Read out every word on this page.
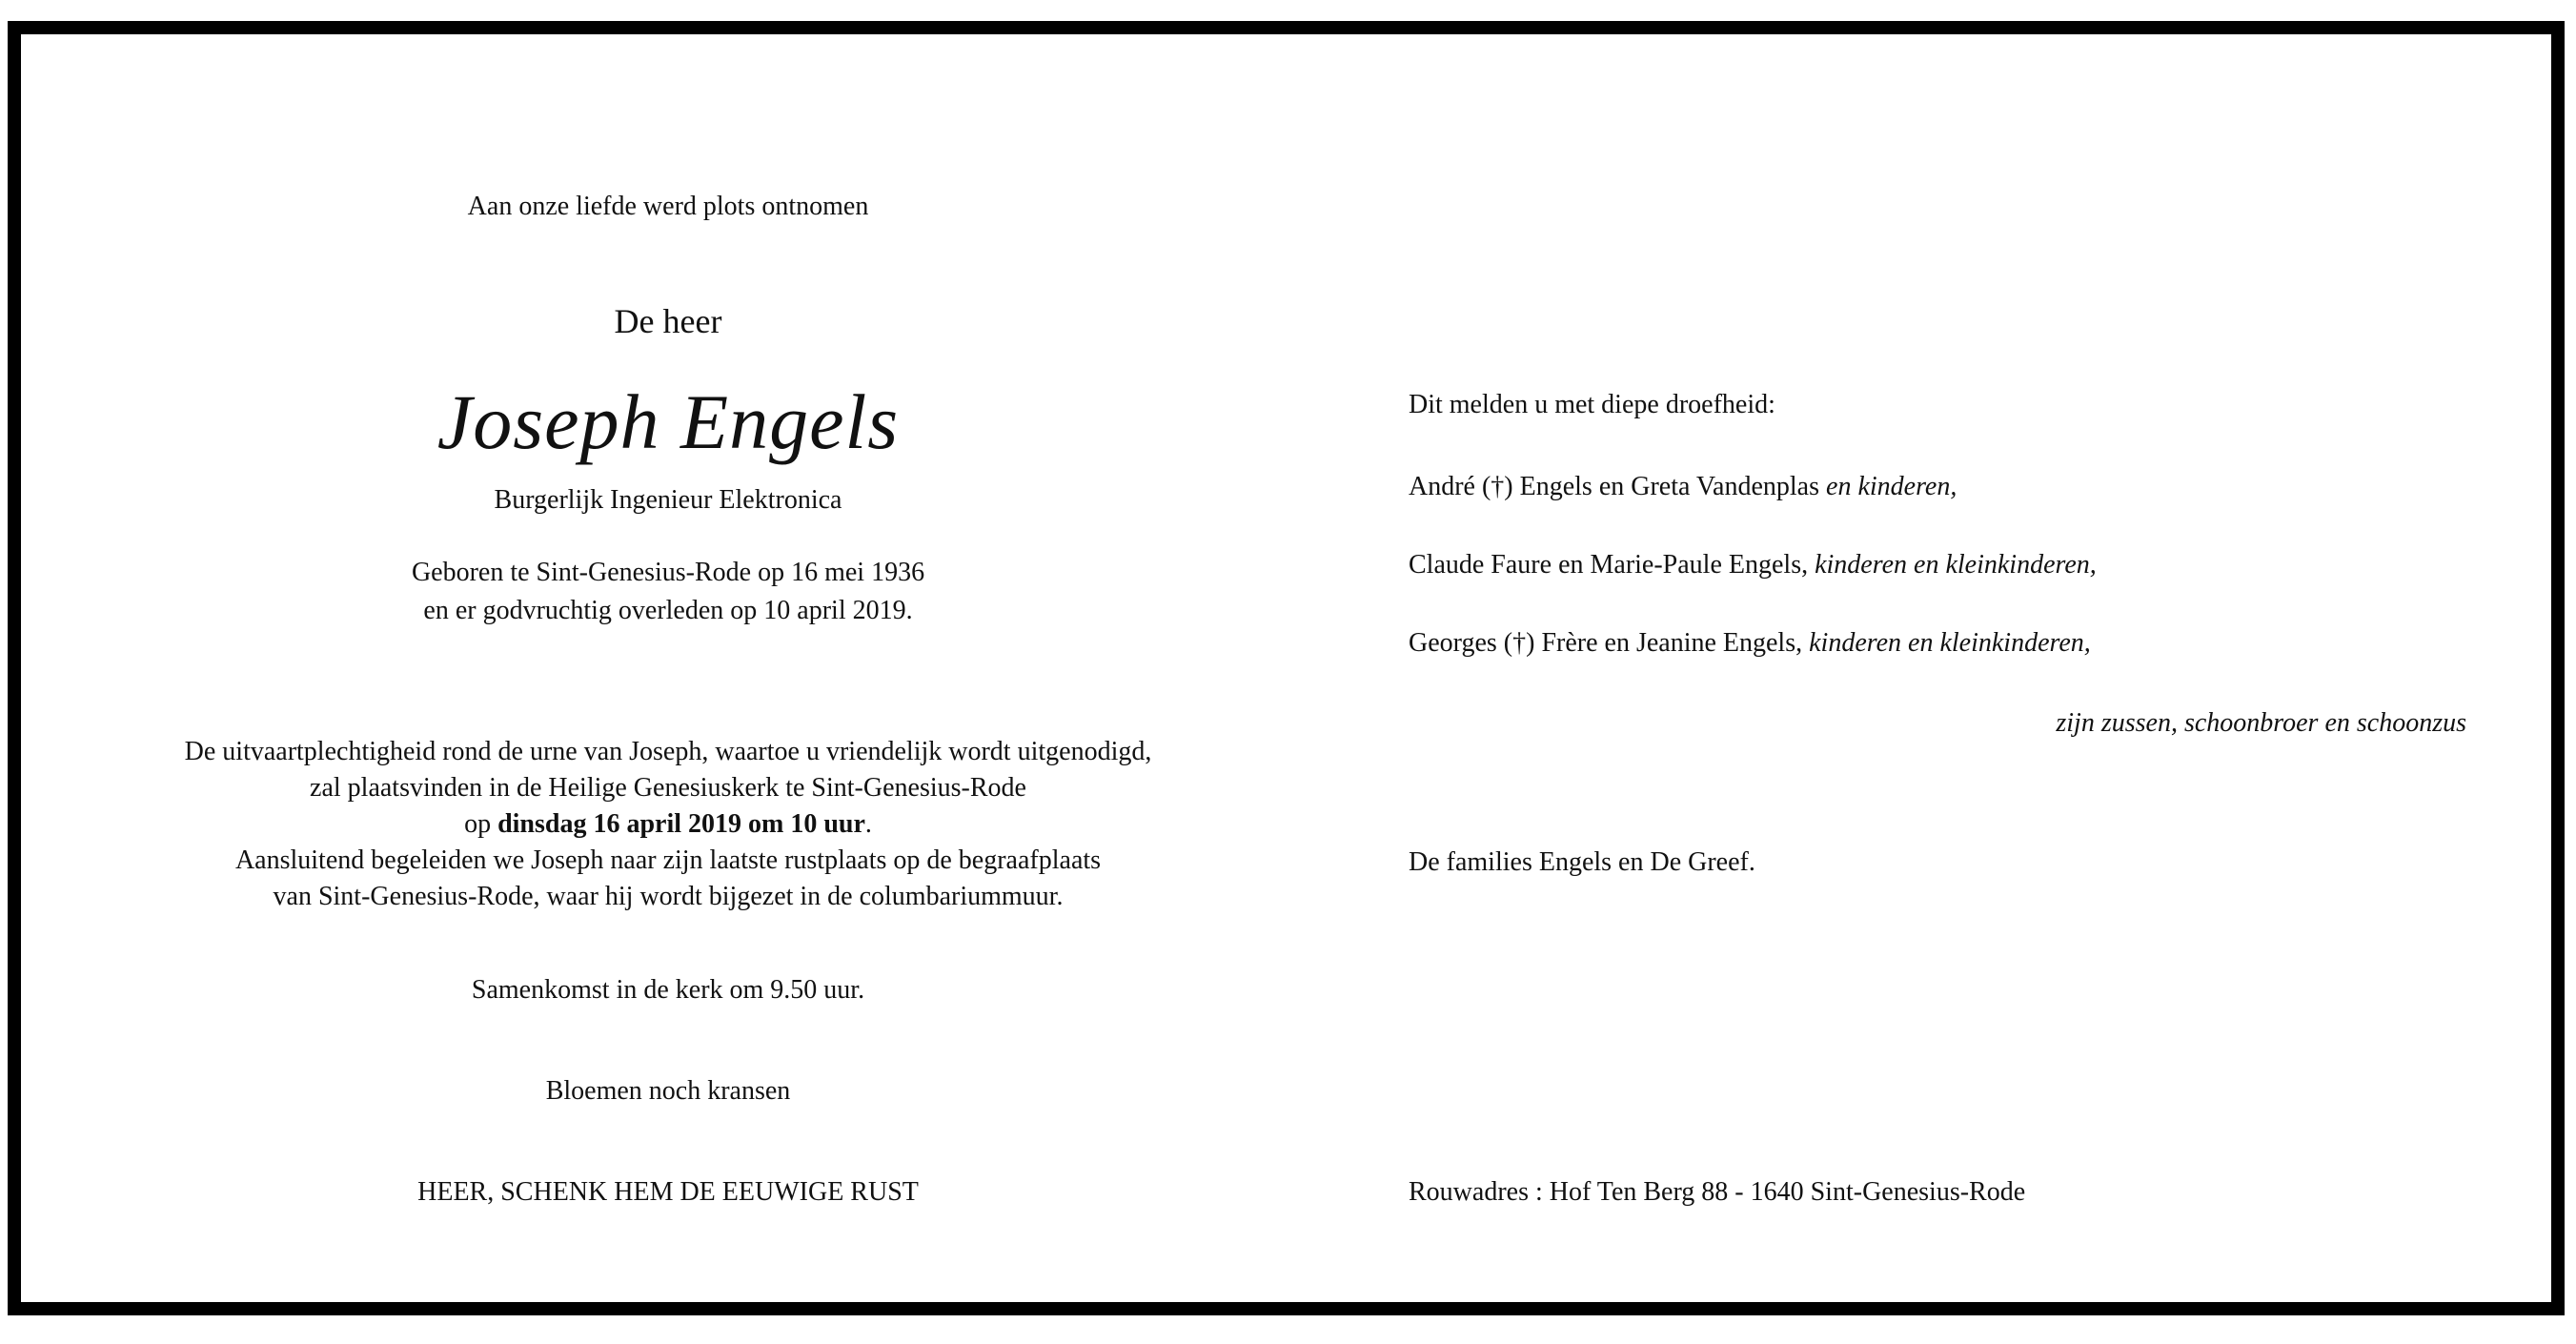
Aan onze liefde werd plots ontnomen

De heer

Joseph Engels

Burgerlijk Ingenieur Elektronica

Geboren te Sint-Genesius-Rode op 16 mei 1936

en er godvruchtig overleden op 10 april 2019.

De uitvaartplechtigheid rond de urne van Joseph, waartoe u vriendelijk wordt uitgenodigd,

zal plaatsvinden in de Heilige Genesiuskerk te Sint-Genesius-Rode

op dinsdag 16 april 2019 om 10 uur.

Aansluitend begeleiden we Joseph naar zijn laatste rustplaats op de begraafplaats

van Sint-Genesius-Rode, waar hij wordt bijgezet in de columbariummuur.

Samenkomst in de kerk om 9.50 uur.

Bloemen noch kransen

HEER, SCHENK HEM DE EEUWIGE RUST

Dit melden u met diepe droefheid:

André (†) Engels en Greta Vandenplas en kinderen,

Claude Faure en Marie-Paule Engels, kinderen en kleinkinderen,

Georges (†) Frère en Jeanine Engels, kinderen en kleinkinderen,

zijn zussen, schoonbroer en schoonzus

De families Engels en De Greef.

Rouwadres : Hof Ten Berg 88 - 1640 Sint-Genesius-Rode
